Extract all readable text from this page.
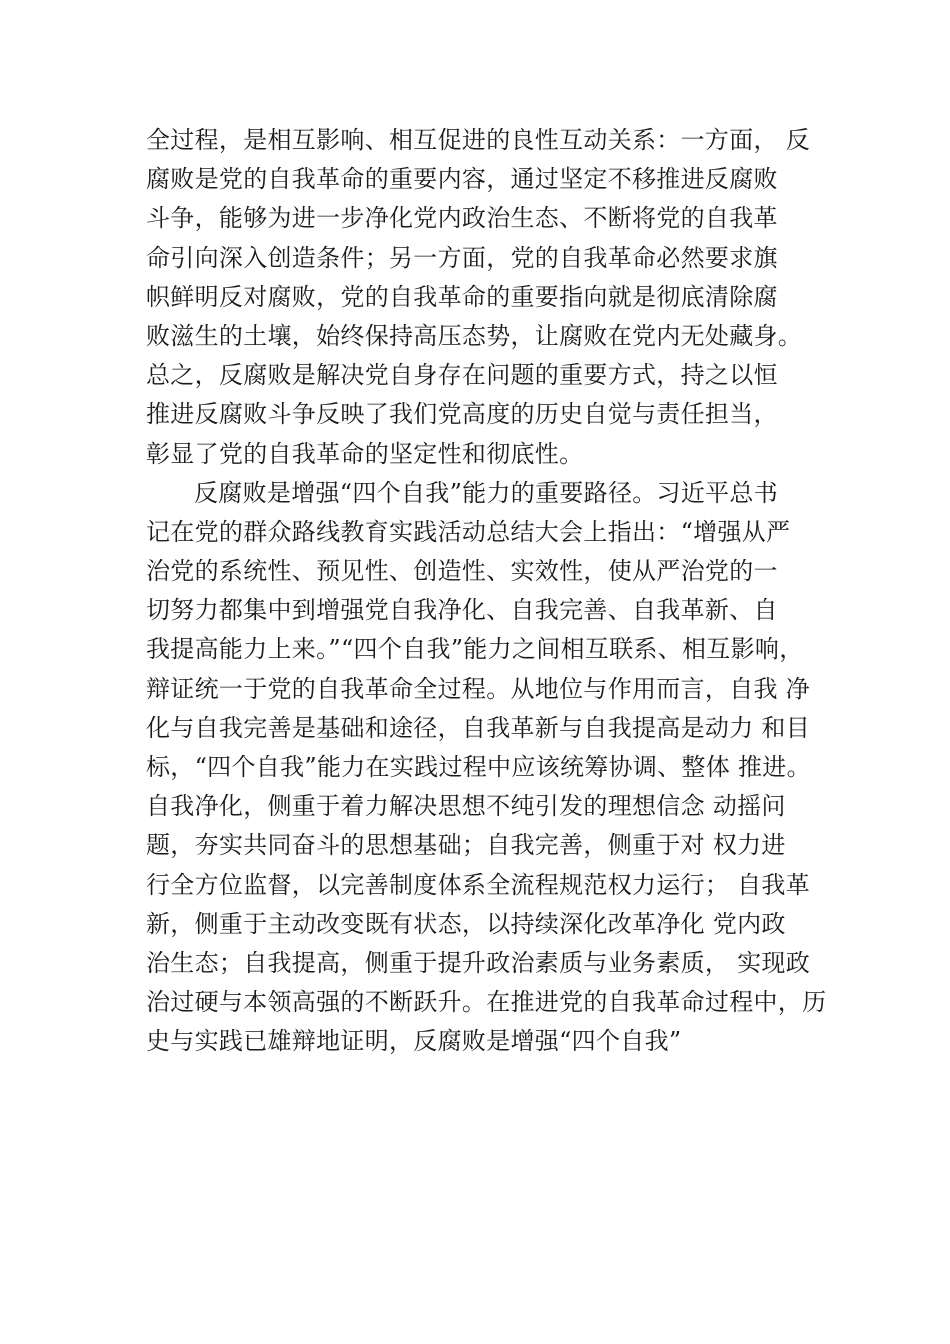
全过程，是相互影响、相互促进的良性互动关系：一方面， 反
腐败是党的自我革命的重要内容，通过坚定不移推进反腐败
斗争，能够为进一步净化党内政治生态、不断将党的自我革
命引向深入创造条件；另一方面，党的自我革命必然要求旗
帜鲜明反对腐败，党的自我革命的重要指向就是彻底清除腐
败滋生的土壤，始终保持高压态势，让腐败在党内无处藏身。
总之，反腐败是解决党自身存在问题的重要方式，持之以恒
推进反腐败斗争反映了我们党高度的历史自觉与责任担当，
彰显了党的自我革命的坚定性和彻底性。
反腐败是增强“四个自我”能力的重要路径。习近平总书
记在党的群众路线教育实践活动总结大会上指出：“增强从严
治党的系统性、预见性、创造性、实效性，使从严治党的一
切努力都集中到增强党自我净化、自我完善、自我革新、自
我提高能力上来。”“四个自我”能力之间相互联系、相互影响，
辩证统一于党的自我革命全过程。从地位与作用而言，自我 净
化与自我完善是基础和途径，自我革新与自我提高是动力 和目
标，“四个自我”能力在实践过程中应该统筹协调、整体 推进。
自我净化，侧重于着力解决思想不纯引发的理想信念 动摇问
题，夯实共同奋斗的思想基础；自我完善，侧重于对 权力进
行全方位监督，以完善制度体系全流程规范权力运行； 自我革
新，侧重于主动改变既有状态，以持续深化改革净化 党内政
治生态；自我提高，侧重于提升政治素质与业务素质， 实现政
治过硬与本领高强的不断跃升。在推进党的自我革命过程中，历
史与实践已雄辩地证明，反腐败是增强“四个自我”
